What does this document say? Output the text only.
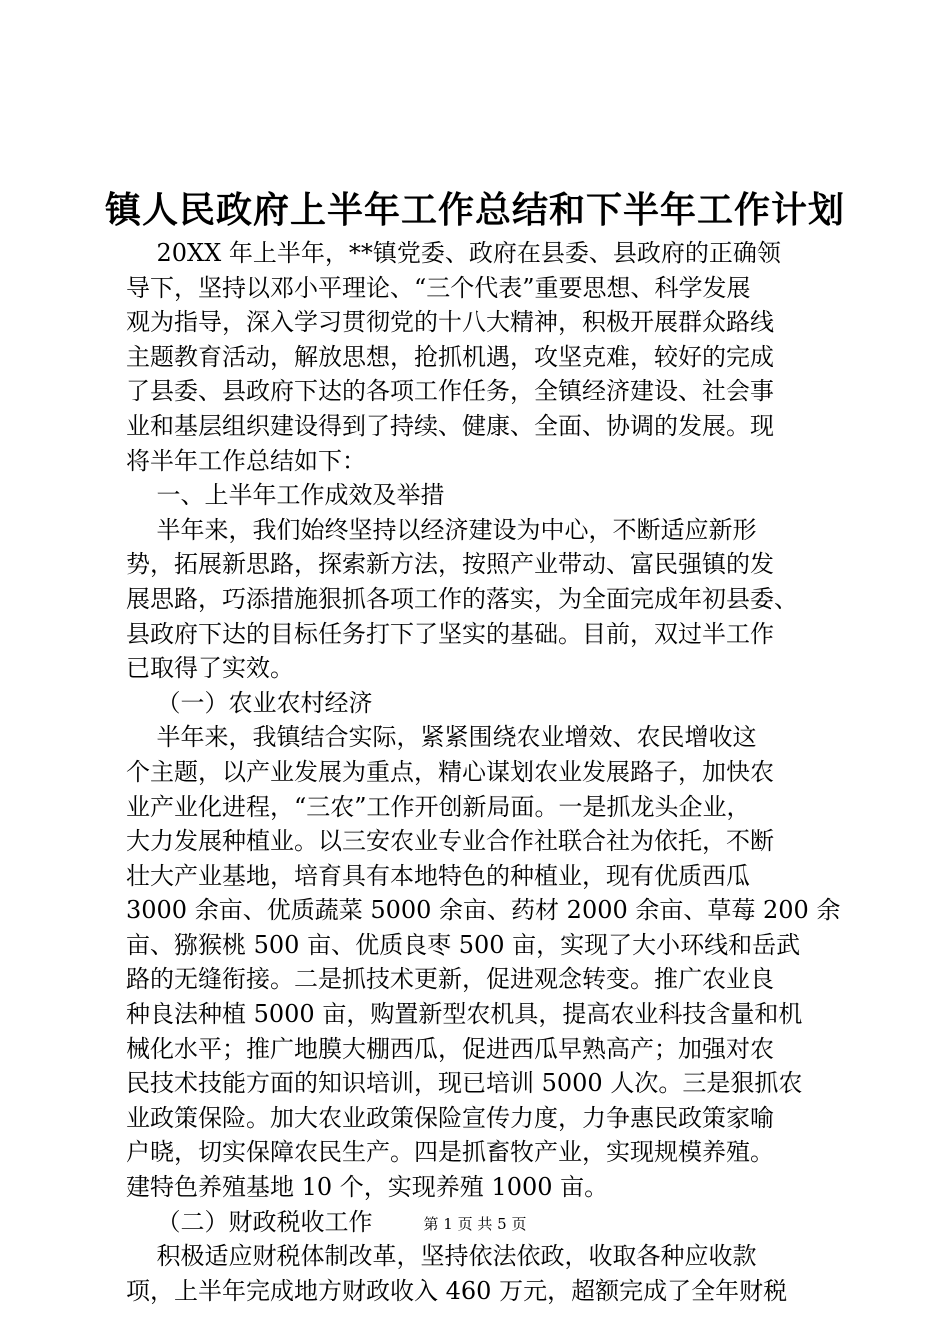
镇人民政府上半年工作总结和下半年工作计划
20XX 年上半年，**镇党委、政府在县委、县政府的正确领
导下，坚持以邓小平理论、“三个代表”重要思想、科学发展
观为指导，深入学习贯彻党的十八大精神，积极开展群众路线
主题教育活动，解放思想，抢抓机遇，攻坚克难，较好的完成
了县委、县政府下达的各项工作任务，全镇经济建设、社会事
业和基层组织建设得到了持续、健康、全面、协调的发展。现
将半年工作总结如下：
一、上半年工作成效及举措
半年来，我们始终坚持以经济建设为中心，不断适应新形
势，拓展新思路，探索新方法，按照产业带动、富民强镇的发
展思路，巧添措施狠抓各项工作的落实，为全面完成年初县委、
县政府下达的目标任务打下了坚实的基础。目前，双过半工作
已取得了实效。
（一）农业农村经济
半年来，我镇结合实际，紧紧围绕农业增效、农民增收这
个主题，以产业发展为重点，精心谋划农业发展路子，加快农
业产业化进程，“三农”工作开创新局面。一是抓龙头企业，
大力发展种植业。以三安农业专业合作社联合社为依托，不断
壮大产业基地，培育具有本地特色的种植业，现有优质西瓜
3000 余亩、优质蔬菜 5000 余亩、药材 2000 余亩、草莓 200 余
亩、猕猴桃 500 亩、优质良枣 500 亩，实现了大小环线和岳武
路的无缝衔接。二是抓技术更新，促进观念转变。推广农业良
种良法种植 5000 亩，购置新型农机具，提高农业科技含量和机
械化水平；推广地膜大棚西瓜，促进西瓜早熟高产；加强对农
民技术技能方面的知识培训，现已培训 5000 人次。三是狠抓农
业政策保险。加大农业政策保险宣传力度，力争惠民政策家喻
户晓，切实保障农民生产。四是抓畜牧产业，实现规模养殖。
建特色养殖基地 10 个，实现养殖 1000 亩。
（二）财政税收工作
积极适应财税体制改革，坚持依法依政，收取各种应收款
项，上半年完成地方财政收入 460 万元，超额完成了全年财税
第 1 页 共 5 页
